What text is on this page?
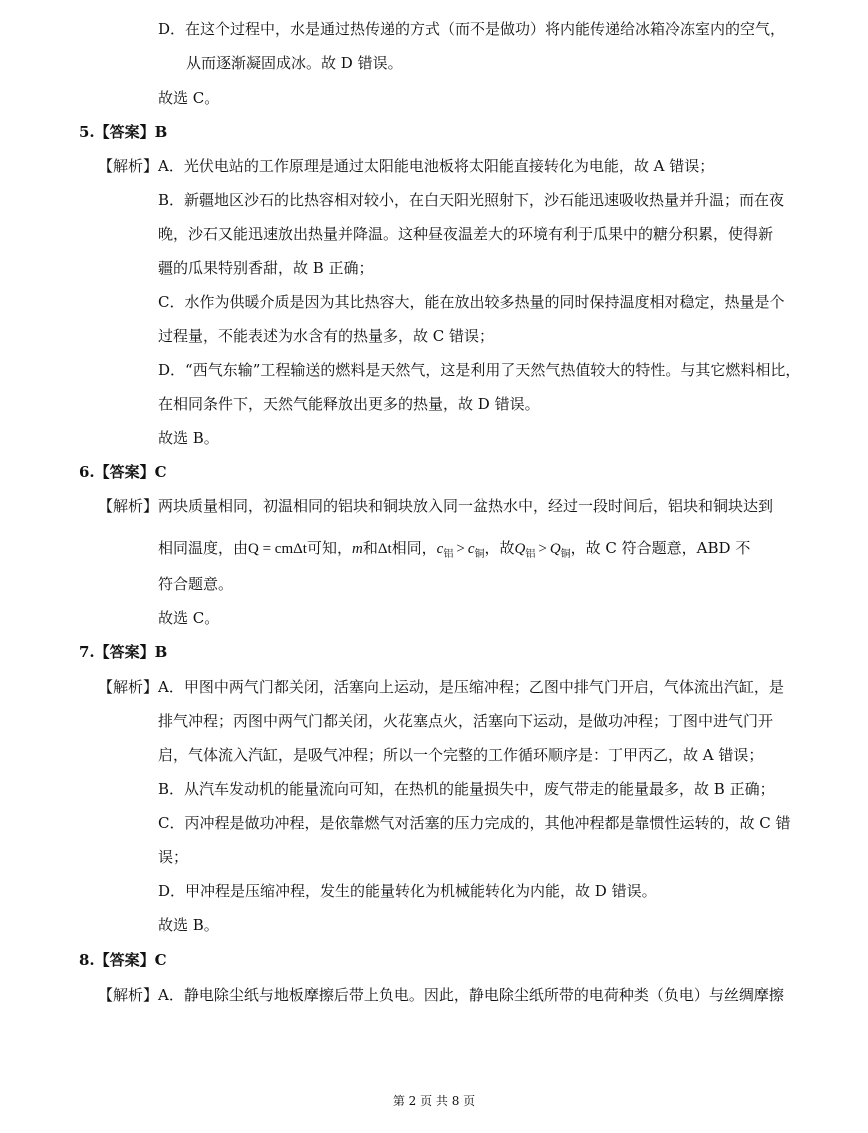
D．在这个过程中，水是通过热传递的方式（而不是做功）将内能传递给冰箱冷冻室内的空气，
从而逐渐凝固成冰。故 D 错误。
故选 C。
5.【答案】B
【解析】A．光伏电站的工作原理是通过太阳能电池板将太阳能直接转化为电能，故 A 错误；
B．新疆地区沙石的比热容相对较小，在白天阳光照射下，沙石能迅速吸收热量并升温；而在夜
晚，沙石又能迅速放出热量并降温。这种昼夜温差大的环境有利于瓜果中的糖分积累，使得新
疆的瓜果特别香甜，故 B 正确；
C．水作为供暖介质是因为其比热容大，能在放出较多热量的同时保持温度相对稳定，热量是个
过程量，不能表述为水含有的热量多，故 C 错误；
D．“西气东输”工程输送的燃料是天然气，这是利用了天然气热值较大的特性。与其它燃料相比，
在相同条件下，天然气能释放出更多的热量，故 D 错误。
故选 B。
6.【答案】C
【解析】两块质量相同，初温相同的铝块和铜块放入同一盆热水中，经过一段时间后，铝块和铜块达到
相同温度，由Q = cmΔt可知，m和Δt相同，$c_铝 > c_铜$，故$Q_铝 > Q_铜$，故 C 符合题意，ABD 不
符合题意。
故选 C。
7.【答案】B
【解析】A．甲图中两气门都关闭，活塞向上运动，是压缩冲程；乙图中排气门开启，气体流出汽缸，是
排气冲程；丙图中两气门都关闭，火花塞点火，活塞向下运动，是做功冲程；丁图中进气门开
启，气体流入汽缸，是吸气冲程；所以一个完整的工作循环顺序是：丁甲丙乙，故 A 错误；
B．从汽车发动机的能量流向可知，在热机的能量损失中，废气带走的能量最多，故 B 正确；
C．丙冲程是做功冲程，是依靠燃气对活塞的压力完成的，其他冲程都是靠惯性运转的，故 C 错
误；
D．甲冲程是压缩冲程，发生的能量转化为机械能转化为内能，故 D 错误。
故选 B。
8.【答案】C
【解析】A．静电除尘纸与地板摩擦后带上负电。因此，静电除尘纸所带的电荷种类（负电）与丝绸摩擦
第 2 页 共 8 页
